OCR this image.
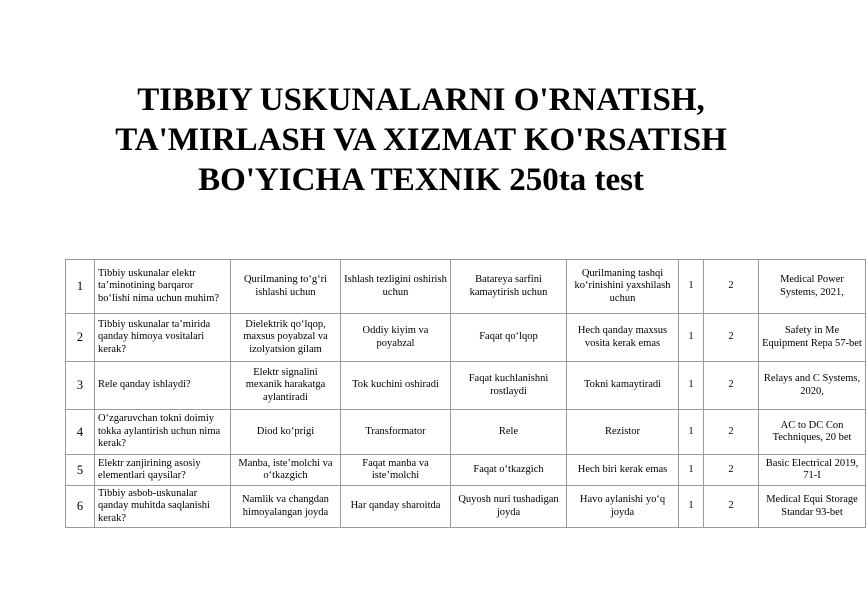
TIBBIY USKUNALARNI O'RNATISH,
TA'MIRLASH VA XIZMAT KO'RSATISH
BO'YICHA TEXNIK 250ta test
1	Tibbiy uskunalar elektr ta’minotining barqaror bo‘lishi nima uchun muhim?	Qurilmaning to‘g‘ri ishlashi uchun	Ishlash tezligini oshirish uchun	Batareya sarfini kamaytirish uchun	Qurilmaning tashqi ko‘rinishini yaxshilash uchun	1	2	Medical Power Systems, 2021,
2	Tibbiy uskunalar ta’mirida qanday himoya vositalari kerak?	Dielektrik qo‘lqop, maxsus poyabzal va izolyatsion gilam	Oddiy kiyim va poyabzal	Faqat qo‘lqop	Hech qanday maxsus vosita kerak emas	1	2	Safety in Me Equipment Repa 57-bet
3	Rele qanday ishlaydi?	Elektr signalini mexanik harakatga aylantiradi	Tok kuchini oshiradi	Faqat kuchlanishni rostlaydi	Tokni kamaytiradi	1	2	Relays and C Systems, 2020,
4	O‘zgaruvchan tokni doimiy tokka aylantirish uchun nima kerak?	Diod ko‘prigi	Transformator	Rele	Rezistor	1	2	AC to DC Con Techniques, 20 bet
5	Elektr zanjirining asosiy elementlari qaysilar?	Manba, iste’molchi va o‘tkazgich	Faqat manba va iste’molchi	Faqat o‘tkazgich	Hech biri kerak emas	1	2	Basic Electrical 2019, 71-I
6	Tibbiy asbob-uskunalar qanday muhitda saqlanishi kerak?	Namlik va changdan himoyalangan joyda	Har qanday sharoitda	Quyosh nuri tushadigan joyda	Havo aylanishi yo‘q joyda	1	2	Medical Equi Storage Standar 93-bet
